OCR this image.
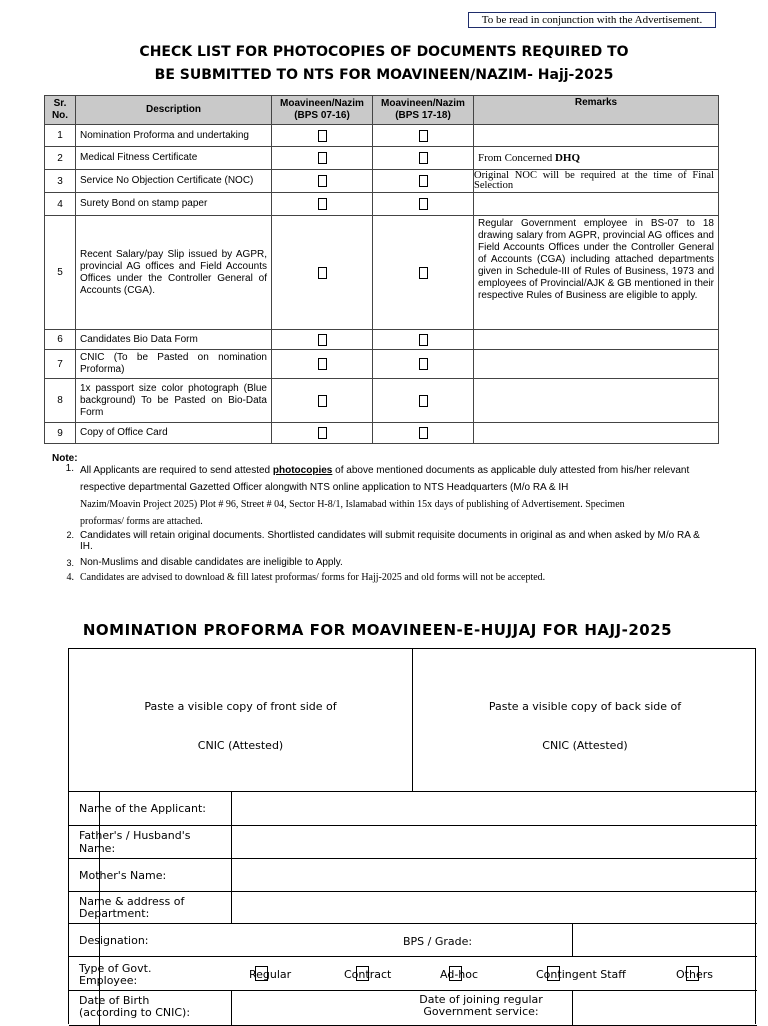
To be read in conjunction with the Advertisement.
CHECK LIST FOR PHOTOCOPIES OF DOCUMENTS REQUIRED TO
BE SUBMITTED TO NTS FOR MOAVINEEN/NAZIM- Hajj-2025
Sr. No.	Description	Moavineen/Nazim (BPS 07-16)	Moavineen/Nazim (BPS 17-18)	Remarks
1	Nomination Proforma and undertaking			
2	Medical Fitness Certificate			From Concerned DHQ
3	Service No Objection Certificate (NOC)			Original NOC will be required at the time of Final Selection
4	Surety Bond on stamp paper			
5	Recent Salary/pay Slip issued by AGPR, provincial AG offices and Field Accounts Offices under the Controller General of Accounts (CGA).			Regular Government employee in BS-07 to 18 drawing salary from AGPR, provincial AG offices and Field Accounts Offices under the Controller General of Accounts (CGA) including attached departments given in Schedule-III of Rules of Business, 1973 and employees of Provincial/AJK & GB mentioned in their respective Rules of Business are eligible to apply.
6	Candidates Bio Data Form			
7	CNIC (To be Pasted on nomination Proforma)			
8	1x passport size color photograph (Blue background) To be Pasted on Bio-Data Form			
9	Copy of Office Card			
Note:
1. All Applicants are required to send attested photocopies of above mentioned documents as applicable duly attested from his/her relevant respective departmental Gazetted Officer alongwith NTS online application to NTS Headquarters (M/o RA & IH
Nazim/Moavin Project 2025) Plot # 96, Street # 04, Sector H-8/1, Islamabad within 15x days of publishing of Advertisement. Specimen
proformas/ forms are attached.
2. Candidates will retain original documents. Shortlisted candidates will submit requisite documents in original as and when asked by M/o RA & IH.
3. Non-Muslims and disable candidates are ineligible to Apply.
4. Candidates are advised to download & fill latest proformas/ forms for Hajj-2025 and old forms will not be accepted.
NOMINATION PROFORMA FOR MOAVINEEN-E-HUJJAJ FOR HAJJ-2025
Paste a visible copy of front side of
CNIC (Attested)
Paste a visible copy of back side of
CNIC (Attested)
Name of the Applicant:
Father's / Husband's
Name:
Mother's Name:
Name & address of
Department:
Designation:	BPS / Grade:
Type of Govt.
Employee:	Regular	Contract	Ad-hoc	Contingent Staff	Others
Date of Birth
(according to CNIC):
Date of joining regular
Government service:
